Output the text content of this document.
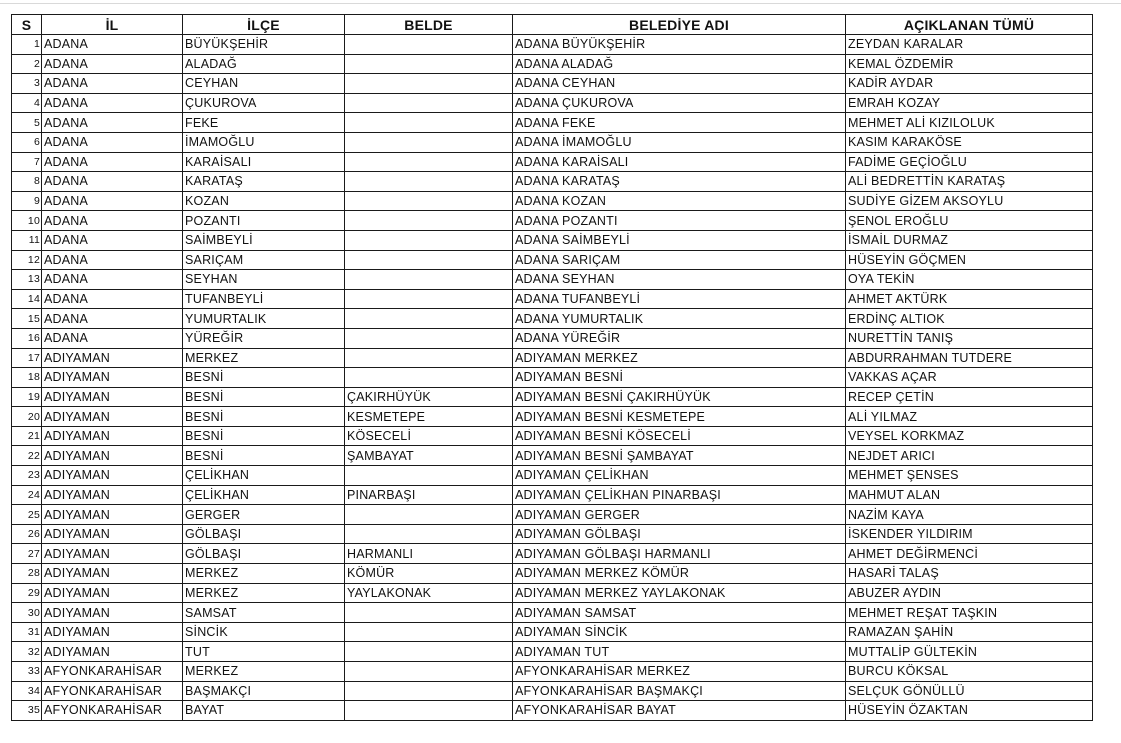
S	İL	İLÇE	BELDE	BELEDİYE ADI	AÇIKLANAN TÜMÜ
1	ADANA	BÜYÜKŞEHİR		ADANA BÜYÜKŞEHİR	ZEYDAN KARALAR
2	ADANA	ALADAĞ		ADANA ALADAĞ	KEMAL ÖZDEMİR
3	ADANA	CEYHAN		ADANA CEYHAN	KADİR AYDAR
4	ADANA	ÇUKUROVA		ADANA ÇUKUROVA	EMRAH KOZAY
5	ADANA	FEKE		ADANA FEKE	MEHMET ALİ KIZILOLUK
6	ADANA	İMAMOĞLU		ADANA İMAMOĞLU	KASIM KARAKÖSE
7	ADANA	KARAİSALI		ADANA KARAİSALI	FADİME GEÇİOĞLU
8	ADANA	KARATAŞ		ADANA KARATAŞ	ALİ BEDRETTİN KARATAŞ
9	ADANA	KOZAN		ADANA KOZAN	SUDİYE GİZEM AKSOYLU
10	ADANA	POZANTI		ADANA POZANTI	ŞENOL EROĞLU
11	ADANA	SAİMBEYLİ		ADANA SAİMBEYLİ	İSMAİL DURMAZ
12	ADANA	SARIÇAM		ADANA SARIÇAM	HÜSEYİN GÖÇMEN
13	ADANA	SEYHAN		ADANA SEYHAN	OYA TEKİN
14	ADANA	TUFANBEYLİ		ADANA TUFANBEYLİ	AHMET AKTÜRK
15	ADANA	YUMURTALIK		ADANA YUMURTALIK	ERDİNÇ ALTIOK
16	ADANA	YÜREĞİR		ADANA YÜREĞİR	NURETTİN TANIŞ
17	ADIYAMAN	MERKEZ		ADIYAMAN MERKEZ	ABDURRAHMAN TUTDERE
18	ADIYAMAN	BESNİ		ADIYAMAN BESNİ	VAKKAS AÇAR
19	ADIYAMAN	BESNİ	ÇAKIRHÜYÜK	ADIYAMAN BESNİ ÇAKIRHÜYÜK	RECEP ÇETİN
20	ADIYAMAN	BESNİ	KESMETEPE	ADIYAMAN BESNİ KESMETEPE	ALİ YILMAZ
21	ADIYAMAN	BESNİ	KÖSECELİ	ADIYAMAN BESNİ KÖSECELİ	VEYSEL KORKMAZ
22	ADIYAMAN	BESNİ	ŞAMBAYAT	ADIYAMAN BESNİ ŞAMBAYAT	NEJDET ARICI
23	ADIYAMAN	ÇELİKHAN		ADIYAMAN ÇELİKHAN	MEHMET ŞENSES
24	ADIYAMAN	ÇELİKHAN	PINARBAŞI	ADIYAMAN ÇELİKHAN PINARBAŞI	MAHMUT ALAN
25	ADIYAMAN	GERGER		ADIYAMAN GERGER	NAZİM KAYA
26	ADIYAMAN	GÖLBAŞI		ADIYAMAN GÖLBAŞI	İSKENDER YILDIRIM
27	ADIYAMAN	GÖLBAŞI	HARMANLI	ADIYAMAN GÖLBAŞI HARMANLI	AHMET DEĞİRMENCİ
28	ADIYAMAN	MERKEZ	KÖMÜR	ADIYAMAN MERKEZ KÖMÜR	HASARİ TALAŞ
29	ADIYAMAN	MERKEZ	YAYLAKONAK	ADIYAMAN MERKEZ YAYLAKONAK	ABUZER AYDIN
30	ADIYAMAN	SAMSAT		ADIYAMAN SAMSAT	MEHMET REŞAT TAŞKIN
31	ADIYAMAN	SİNCİK		ADIYAMAN SİNCİK	RAMAZAN ŞAHİN
32	ADIYAMAN	TUT		ADIYAMAN TUT	MUTTALİP GÜLTEKİN
33	AFYONKARAHİSAR	MERKEZ		AFYONKARAHİSAR MERKEZ	BURCU KÖKSAL
34	AFYONKARAHİSAR	BAŞMAKÇI		AFYONKARAHİSAR BAŞMAKÇI	SELÇUK GÖNÜLLÜ
35	AFYONKARAHİSAR	BAYAT		AFYONKARAHİSAR BAYAT	HÜSEYİN ÖZAKTAN
